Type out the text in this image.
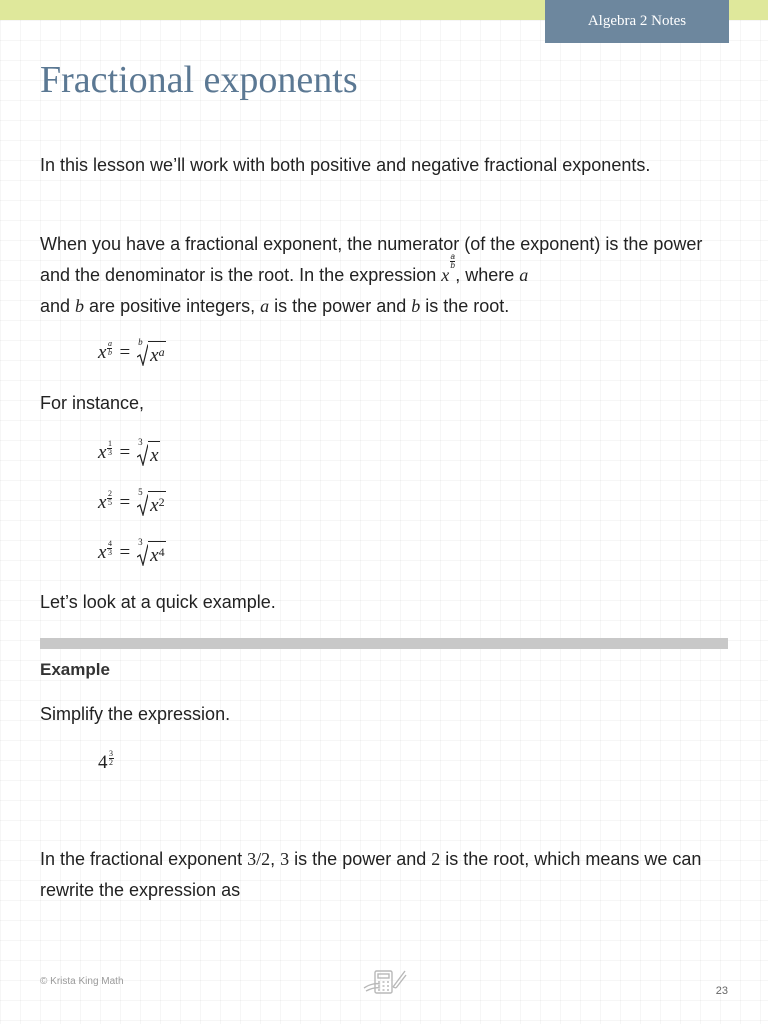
Algebra 2 Notes
Fractional exponents

In this lesson we’ll work with both positive and negative fractional exponents.

When you have a fractional exponent, the numerator (of the exponent) is the power and the denominator is the root. In the expression x
$\frac{a}{b}$
, where a
and b are positive integers, a is the power and b is the root.

x $\frac{a}{b}$ =
b
$x^a$

For instance,

x $\frac{1}{3}$ =
3
x
x $\frac{2}{5}$ =
5
$x^2$
x $\frac{4}{3}$ =
3
$x^4$

Let’s look at a quick example.

Example

Simplify the expression.

$4 \frac{3}{2}$

In the fractional exponent 3/2, 3 is the power and 2 is the root, which means we can rewrite the expression as

© Krista King Math
23
